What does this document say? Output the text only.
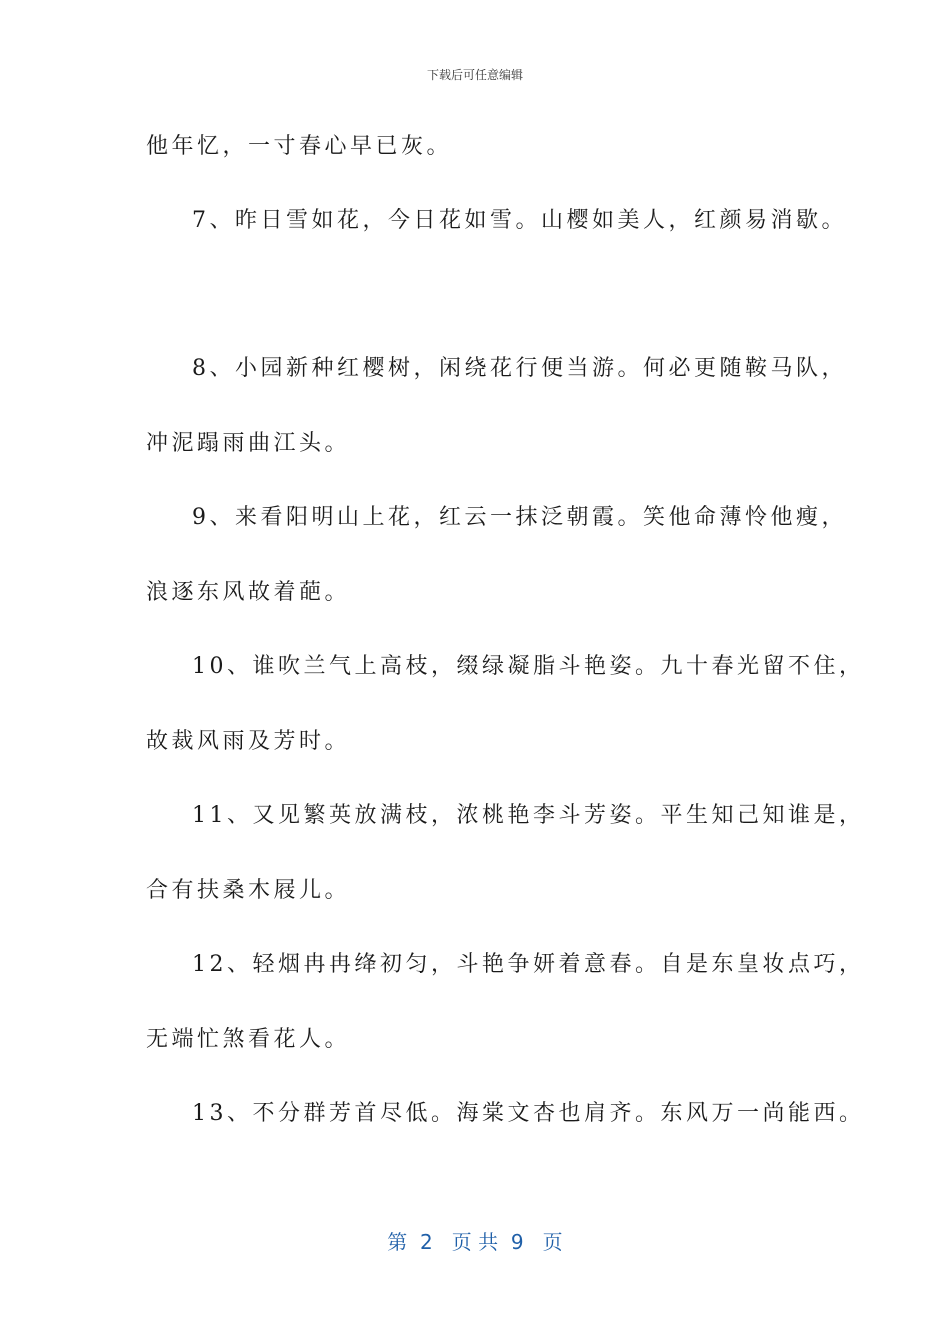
下载后可任意编辑
他年忆，一寸春心早已灰。
7、昨日雪如花，今日花如雪。山樱如美人，红颜易消歇。
8、小园新种红樱树，闲绕花行便当游。何必更随鞍马队，
冲泥蹋雨曲江头。
9、来看阳明山上花，红云一抹泛朝霞。笑他命薄怜他瘦，
浪逐东风故着葩。
10、谁吹兰气上高枝，缀绿凝脂斗艳姿。九十春光留不住，
故裁风雨及芳时。
11、又见繁英放满枝，浓桃艳李斗芳姿。平生知己知谁是，
合有扶桑木屐儿。
12、轻烟冉冉绛初匀，斗艳争妍着意春。自是东皇妆点巧，
无端忙煞看花人。
13、不分群芳首尽低。海棠文杏也肩齐。东风万一尚能西。
第  2   页 共  9   页
